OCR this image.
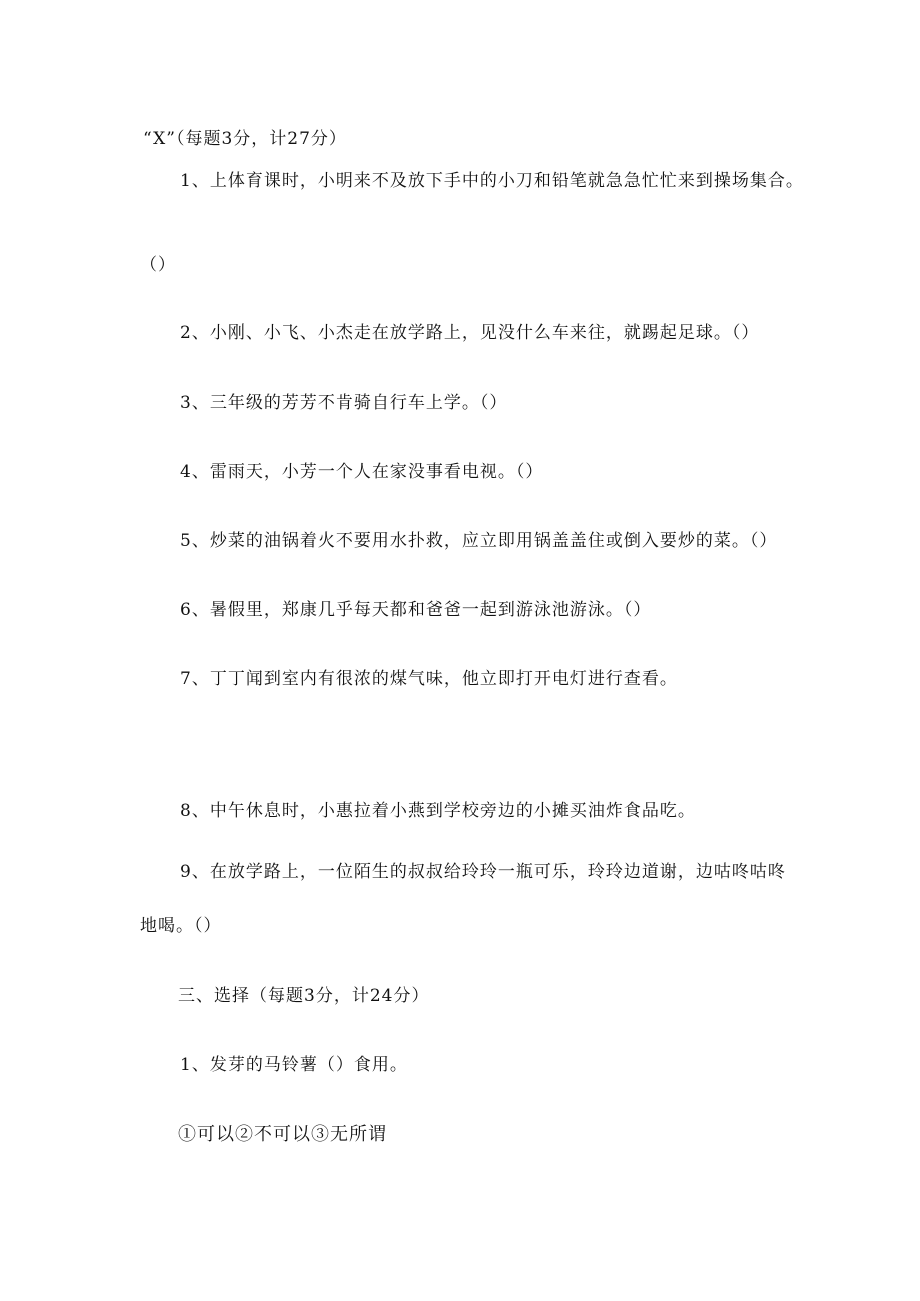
“X”（每题3分，计27分）
1、上体育课时，小明来不及放下手中的小刀和铅笔就急急忙忙来到操场集合。
（）
2、小刚、小飞、小杰走在放学路上，见没什么车来往，就踢起足球。（）
3、三年级的芳芳不肯骑自行车上学。（）
4、雷雨天，小芳一个人在家没事看电视。（）
5、炒菜的油锅着火不要用水扑救，应立即用锅盖盖住或倒入要炒的菜。（）
6、暑假里，郑康几乎每天都和爸爸一起到游泳池游泳。（）
7、丁丁闻到室内有很浓的煤气味，他立即打开电灯进行查看。
8、中午休息时，小惠拉着小燕到学校旁边的小摊买油炸食品吃。
9、在放学路上，一位陌生的叔叔给玲玲一瓶可乐，玲玲边道谢，边咕咚咕咚
地喝。（）
三、选择（每题3分，计24分）
1、发芽的马铃薯（）食用。
①可以②不可以③无所谓
